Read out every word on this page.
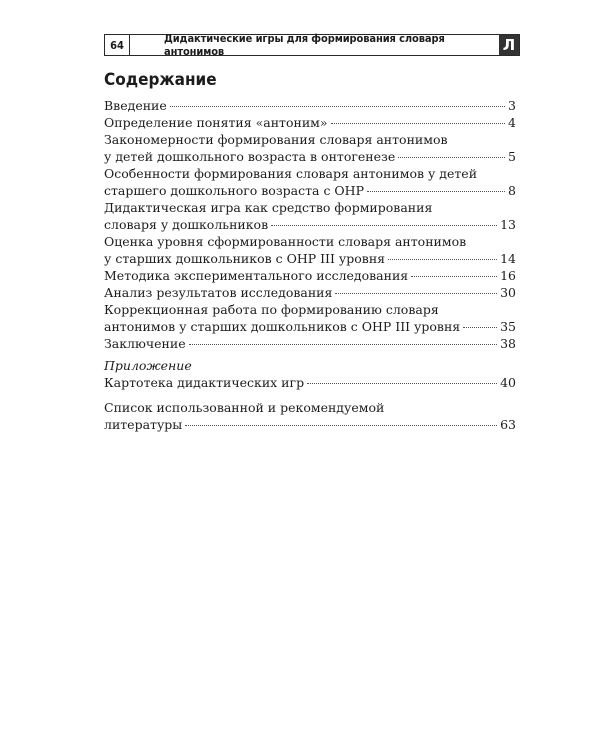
64	Дидактические игры для формирования словаря антонимов	Л
Содержание
Введение	3
Определение понятия «антоним»	4
Закономерности формирования словаря антонимов
у детей дошкольного возраста в онтогенезе	5
Особенности формирования словаря антонимов у детей
старшего дошкольного возраста с ОНР	8
Дидактическая игра как средство формирования
словаря у дошкольников	13
Оценка уровня сформированности словаря антонимов
у старших дошкольников с ОНР III уровня	14
Методика экспериментального исследования	16
Анализ результатов исследования	30
Коррекционная работа по формированию словаря
антонимов у старших дошкольников с ОНР III уровня	35
Заключение	38
Приложение
Картотека дидактических игр	40
Список использованной и рекомендуемой
литературы	63
